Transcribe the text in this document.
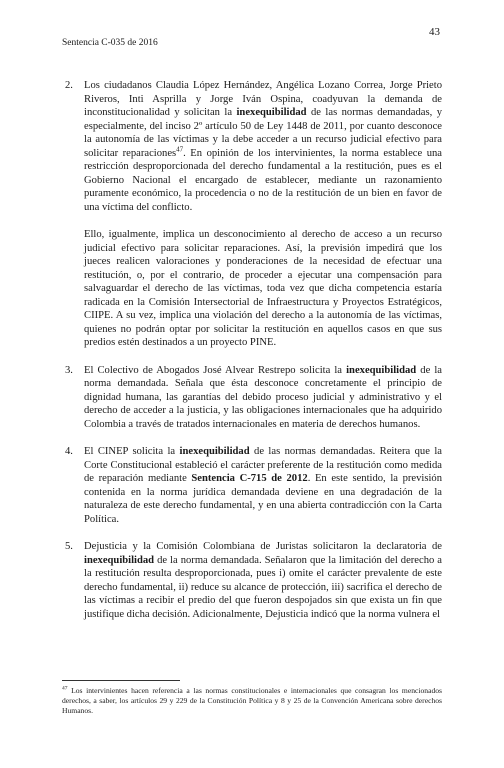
Sentencia C-035 de 2016
43
2. Los ciudadanos Claudia López Hernández, Angélica Lozano Correa, Jorge Prieto Riveros, Inti Asprilla y Jorge Iván Ospina, coadyuvan la demanda de inconstitucionalidad y solicitan la inexequibilidad de las normas demandadas, y especialmente, del inciso 2º artículo 50 de Ley 1448 de 2011, por cuanto desconoce la autonomía de las víctimas y la debe acceder a un recurso judicial efectivo para solicitar reparaciones$^{47}$. En opinión de los intervinientes, la norma establece una restricción desproporcionada del derecho fundamental a la restitución, pues es el Gobierno Nacional el encargado de establecer, mediante un razonamiento puramente económico, la procedencia o no de la restitución de un bien en favor de una víctima del conflicto.

Ello, igualmente, implica un desconocimiento al derecho de acceso a un recurso judicial efectivo para solicitar reparaciones. Así, la previsión impedirá que los jueces realicen valoraciones y ponderaciones de la necesidad de efectuar una restitución, o, por el contrario, de proceder a ejecutar una compensación para salvaguardar el derecho de las víctimas, toda vez que dicha competencia estaría radicada en la Comisión Intersectorial de Infraestructura y Proyectos Estratégicos, CIIPE. A su vez, implica una violación del derecho a la autonomía de las víctimas, quienes no podrán optar por solicitar la restitución en aquellos casos en que sus predios estén destinados a un proyecto PINE.

3. El Colectivo de Abogados José Alvear Restrepo solicita la inexequibilidad de la norma demandada. Señala que ésta desconoce concretamente el principio de dignidad humana, las garantías del debido proceso judicial y administrativo y el derecho de acceder a la justicia, y las obligaciones internacionales que ha adquirido Colombia a través de tratados internacionales en materia de derechos humanos.

4. El CINEP solicita la inexequibilidad de las normas demandadas. Reitera que la Corte Constitucional estableció el carácter preferente de la restitución como medida de reparación mediante Sentencia C-715 de 2012. En este sentido, la previsión contenida en la norma jurídica demandada deviene en una degradación de la naturaleza de este derecho fundamental, y en una abierta contradicción con la Carta Política.

5. Dejusticia y la Comisión Colombiana de Juristas solicitaron la declaratoria de inexequibilidad de la norma demandada. Señalaron que la limitación del derecho a la restitución resulta desproporcionada, pues i) omite el carácter prevalente de este derecho fundamental, ii) reduce su alcance de protección, iii) sacrifica el derecho de las víctimas a recibir el predio del que fueron despojados sin que exista un fin que justifique dicha decisión. Adicionalmente, Dejusticia indicó que la norma vulnera el

$^{47}$ Los intervinientes hacen referencia a las normas constitucionales e internacionales que consagran los mencionados derechos, a saber, los artículos 29 y 229 de la Constitución Política y 8 y 25 de la Convención Americana sobre derechos Humanos.
